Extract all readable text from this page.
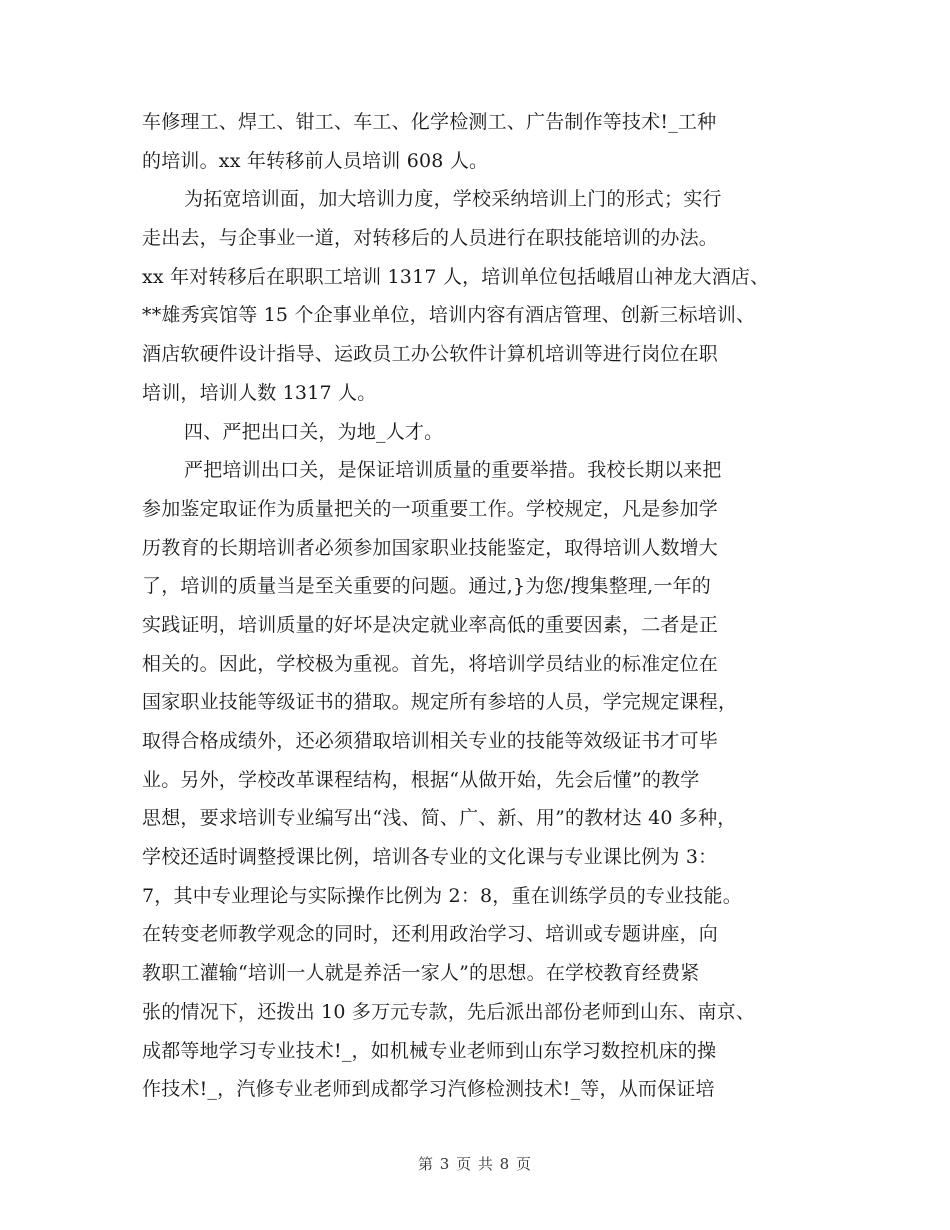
车修理工、焊工、钳工、车工、化学检测工、广告制作等技术!_工种
的培训。xx 年转移前人员培训 608 人。
为拓宽培训面，加大培训力度，学校采纳培训上门的形式；实行
走出去，与企事业一道，对转移后的人员进行在职技能培训的办法。
xx 年对转移后在职职工培训 1317 人，培训单位包括峨眉山神龙大酒店、
**雄秀宾馆等 15 个企事业单位，培训内容有酒店管理、创新三标培训、
酒店软硬件设计指导、运政员工办公软件计算机培训等进行岗位在职
培训，培训人数 1317 人。
四、严把出口关，为地_人才。
严把培训出口关，是保证培训质量的重要举措。我校长期以来把
参加鉴定取证作为质量把关的一项重要工作。学校规定，凡是参加学
历教育的长期培训者必须参加国家职业技能鉴定，取得培训人数增大
了，培训的质量当是至关重要的问题。通过,}为您/搜集整理,一年的
实践证明，培训质量的好坏是决定就业率高低的重要因素，二者是正
相关的。因此，学校极为重视。首先，将培训学员结业的标准定位在
国家职业技能等级证书的猎取。规定所有参培的人员，学完规定课程，
取得合格成绩外，还必须猎取培训相关专业的技能等效级证书才可毕
业。另外，学校改革课程结构，根据“从做开始，先会后懂”的教学
思想，要求培训专业编写出“浅、简、广、新、用”的教材达 40 多种，
学校还适时调整授课比例，培训各专业的文化课与专业课比例为 3：
7，其中专业理论与实际操作比例为 2：8，重在训练学员的专业技能。
在转变老师教学观念的同时，还利用政治学习、培训或专题讲座，向
教职工灌输“培训一人就是养活一家人”的思想。在学校教育经费紧
张的情况下，还拨出 10 多万元专款，先后派出部份老师到山东、南京、
成都等地学习专业技术!_，如机械专业老师到山东学习数控机床的操
作技术!_，汽修专业老师到成都学习汽修检测技术!_等，从而保证培
第 3 页 共 8 页
